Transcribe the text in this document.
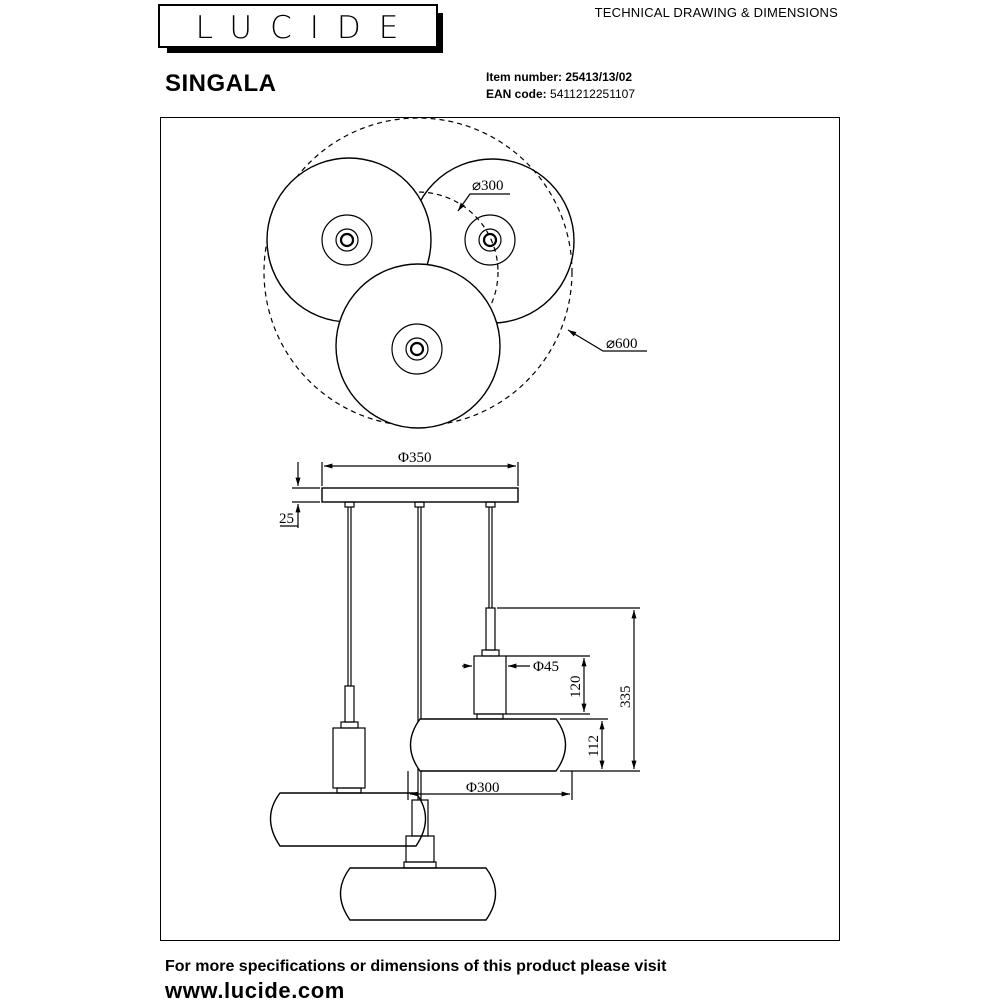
LUCIDE	TECHNICAL DRAWING & DIMENSIONS
SINGALA	Item number: 25413/13/02
EAN code: 5411212251107
⌀300
⌀600
Φ350
25
Φ45
120 335
112
Φ300
For more specifications or dimensions of this product please visit
www.lucide.com
